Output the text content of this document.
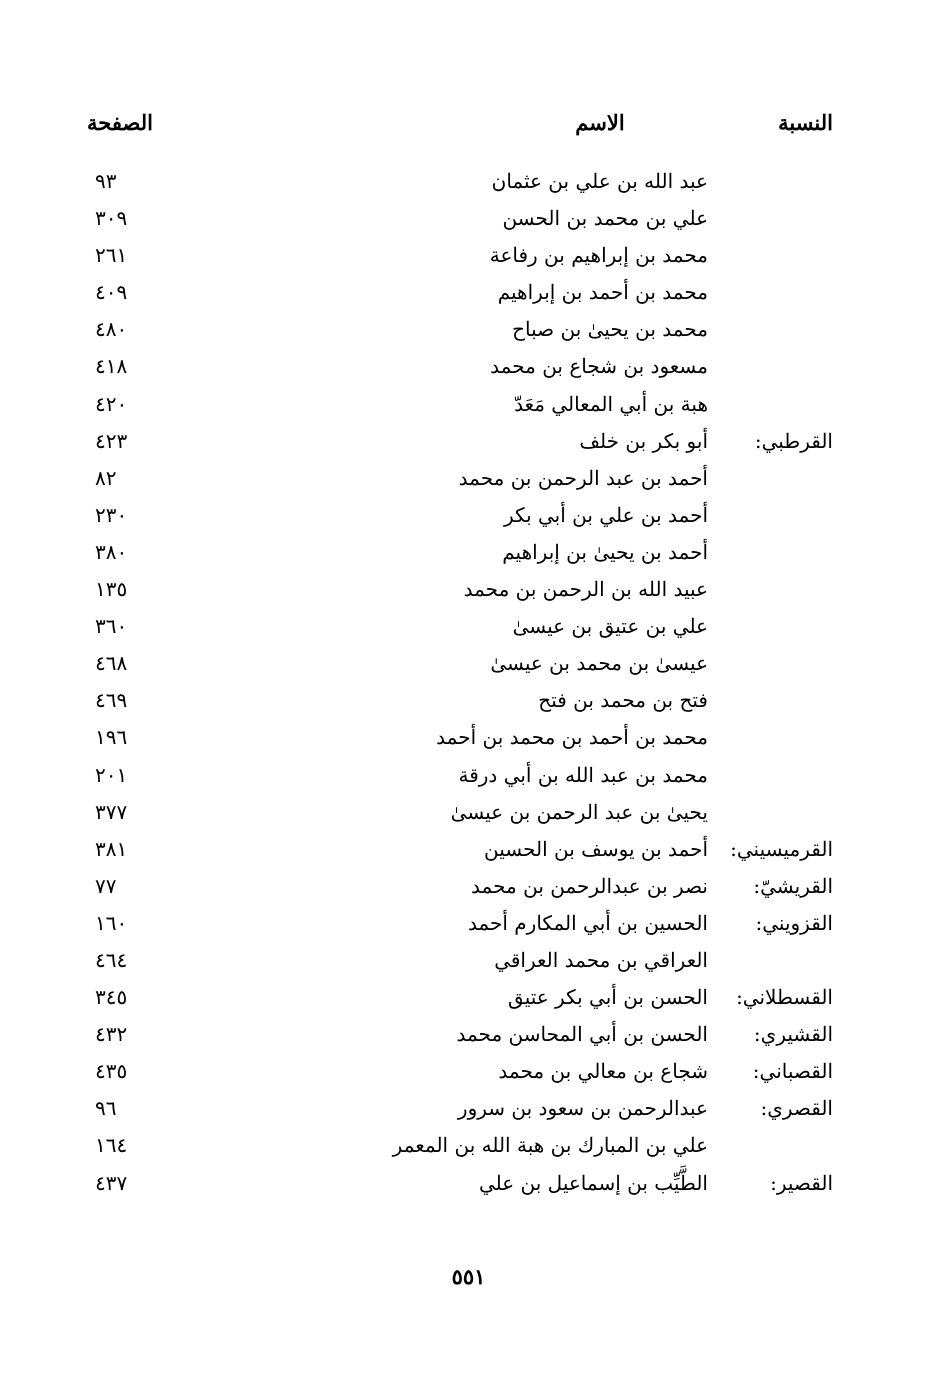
النسبة
الاسم
الصفحة
عبد الله بن علي بن عثمان
٩٣
علي بن محمد بن الحسن
٣٠٩
محمد بن إبراهيم بن رفاعة
٢٦١
محمد بن أحمد بن إبراهيم
٤٠٩
محمد بن يحيىٰ بن صباح
٤٨٠
مسعود بن شجاع بن محمد
٤١٨
هبة بن أبي المعالي مَعَدّ
٤٢٠
القرطبي:
أبو بكر بن خلف
٤٢٣
أحمد بن عبد الرحمن بن محمد
٨٢
أحمد بن علي بن أبي بكر
٢٣٠
أحمد بن يحيىٰ بن إبراهيم
٣٨٠
عبيد الله بن الرحمن بن محمد
١٣٥
علي بن عتيق بن عيسىٰ
٣٦٠
عيسىٰ بن محمد بن عيسىٰ
٤٦٨
فتح بن محمد بن فتح
٤٦٩
محمد بن أحمد بن محمد بن أحمد
١٩٦
محمد بن عبد الله بن أبي درقة
٢٠١
يحيىٰ بن عبد الرحمن بن عيسىٰ
٣٧٧
القرميسيني:
أحمد بن يوسف بن الحسين
٣٨١
القريشيّ:
نصر بن عبدالرحمن بن محمد
٧٧
القزويني:
الحسين بن أبي المكارم أحمد
١٦٠
العراقي بن محمد العراقي
٤٦٤
القسطلاني:
الحسن بن أبي بكر عتيق
٣٤٥
القشيري:
الحسن بن أبي المحاسن محمد
٤٣٢
القصباني:
شجاع بن معالي بن محمد
٤٣٥
القصري:
عبدالرحمن بن سعود بن سرور
٩٦
علي بن المبارك بن هبة الله بن المعمر
١٦٤
القصير:
الطَّيِّب بن إسماعيل بن علي
٤٣٧
٥٥١
